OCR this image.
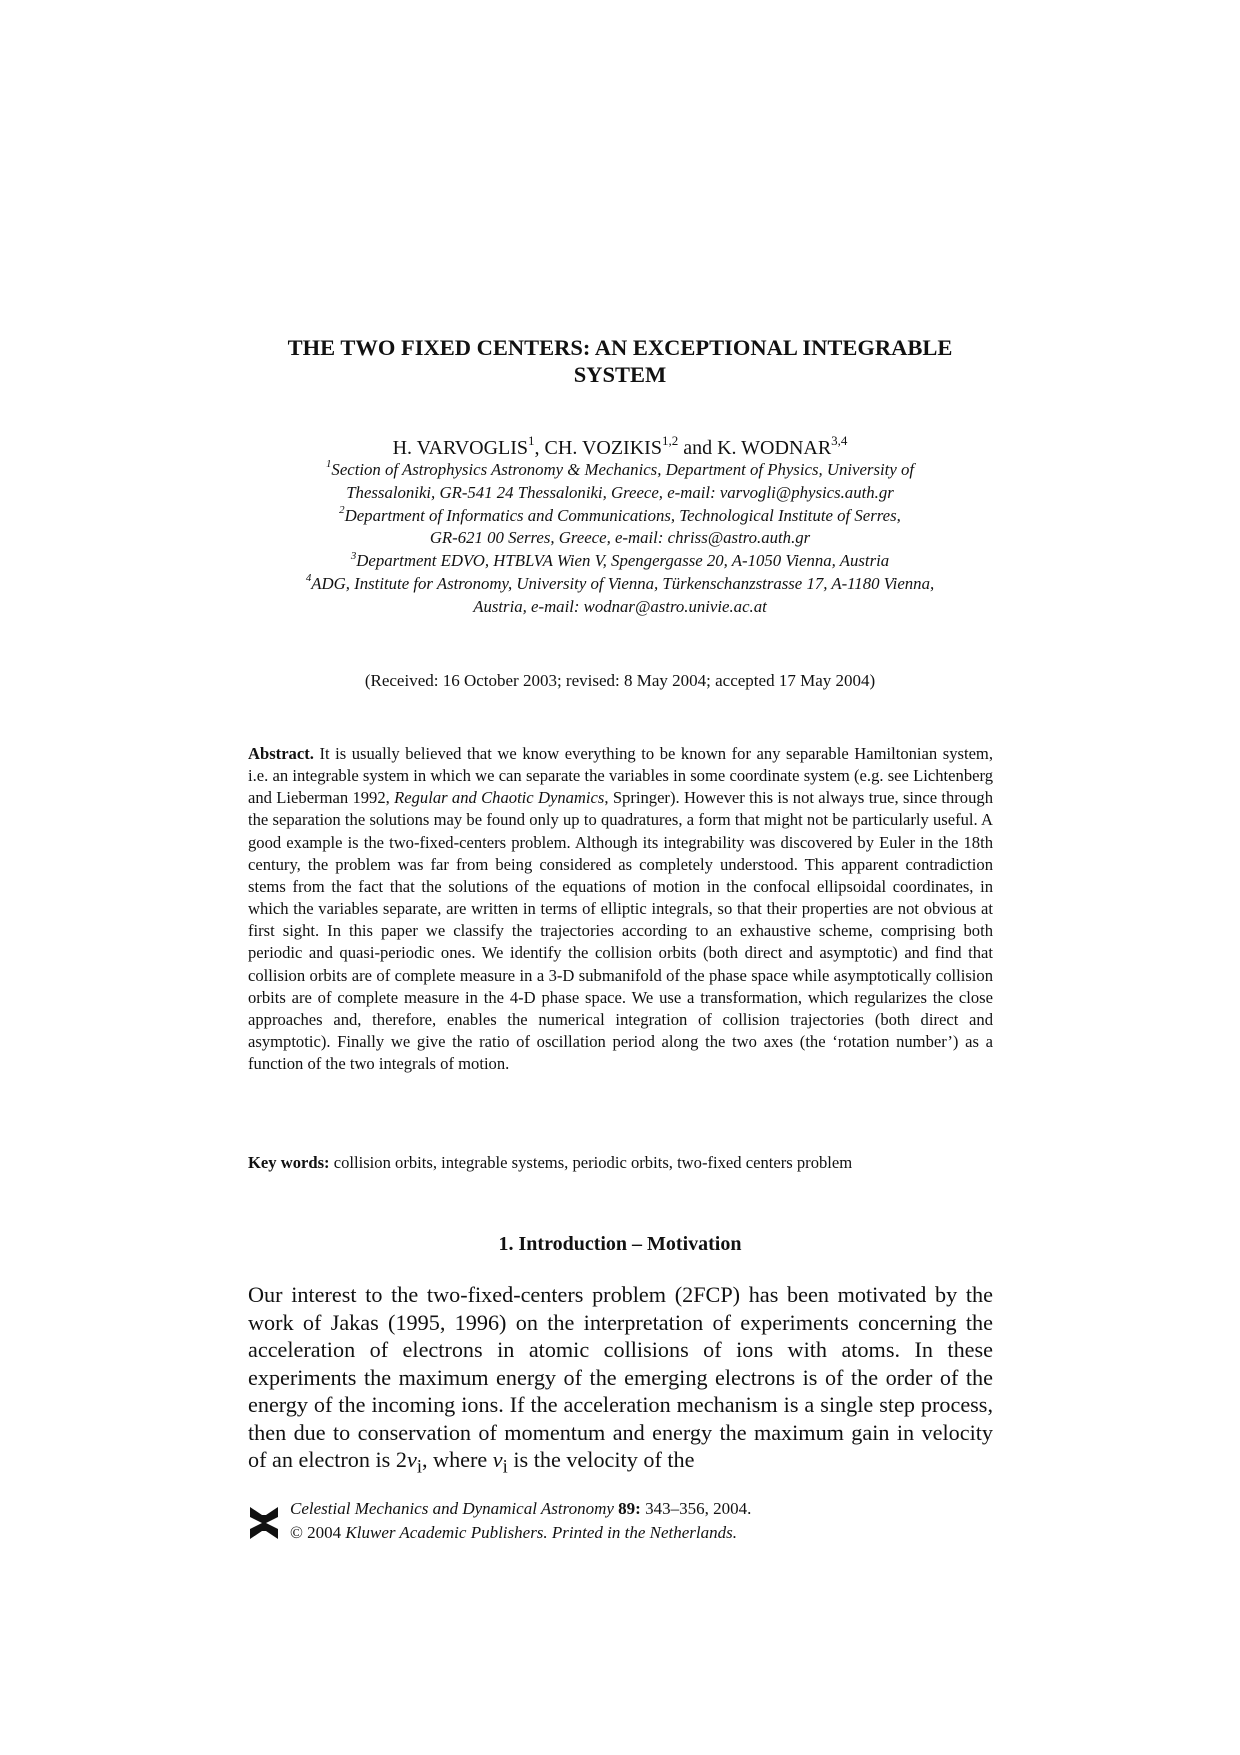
THE TWO FIXED CENTERS: AN EXCEPTIONAL INTEGRABLE SYSTEM
H. VARVOGLIS$^1$, CH. VOZIKIS$^{1,2}$ and K. WODNAR$^{3,4}$
$^1$Section of Astrophysics Astronomy & Mechanics, Department of Physics, University of
Thessaloniki, GR-541 24 Thessaloniki, Greece, e-mail: varvogli@physics.auth.gr
$^2$Department of Informatics and Communications, Technological Institute of Serres,
GR-621 00 Serres, Greece, e-mail: chriss@astro.auth.gr
$^3$Department EDVO, HTBLVA Wien V, Spengergasse 20, A-1050 Vienna, Austria
$^4$ADG, Institute for Astronomy, University of Vienna, Türkenschanzstrasse 17, A-1180 Vienna,
Austria, e-mail: wodnar@astro.univie.ac.at
(Received: 16 October 2003; revised: 8 May 2004; accepted 17 May 2004)
Abstract. It is usually believed that we know everything to be known for any separable Hamiltonian system, i.e. an integrable system in which we can separate the variables in some coordinate system (e.g. see Lichtenberg and Lieberman 1992, Regular and Chaotic Dynamics, Springer). However this is not always true, since through the separation the solutions may be found only up to quadratures, a form that might not be particularly useful. A good example is the two-fixed-centers problem. Although its integrability was discovered by Euler in the 18th century, the problem was far from being considered as completely understood. This apparent contradiction stems from the fact that the solutions of the equations of motion in the confocal ellipsoidal coordinates, in which the variables separate, are written in terms of elliptic integrals, so that their properties are not obvious at first sight. In this paper we classify the trajectories according to an exhaustive scheme, comprising both periodic and quasi-periodic ones. We identify the collision orbits (both direct and asymptotic) and find that collision orbits are of complete measure in a 3-D submanifold of the phase space while asymptotically collision orbits are of complete measure in the 4-D phase space. We use a transformation, which regularizes the close approaches and, therefore, enables the numerical integration of collision trajectories (both direct and asymptotic). Finally we give the ratio of oscillation period along the two axes (the ‘rotation number’) as a function of the two integrals of motion.
Key words: collision orbits, integrable systems, periodic orbits, two-fixed centers problem
1. Introduction – Motivation
Our interest to the two-fixed-centers problem (2FCP) has been motivated by the work of Jakas (1995, 1996) on the interpretation of experiments concerning the acceleration of electrons in atomic collisions of ions with atoms. In these experiments the maximum energy of the emerging electrons is of the order of the energy of the incoming ions. If the acceleration mechanism is a single step process, then due to conservation of momentum and energy the maximum gain in velocity of an electron is $2v_i$, where $v_i$ is the velocity of the
Celestial Mechanics and Dynamical Astronomy 89: 343–356, 2004.
© 2004 Kluwer Academic Publishers. Printed in the Netherlands.
